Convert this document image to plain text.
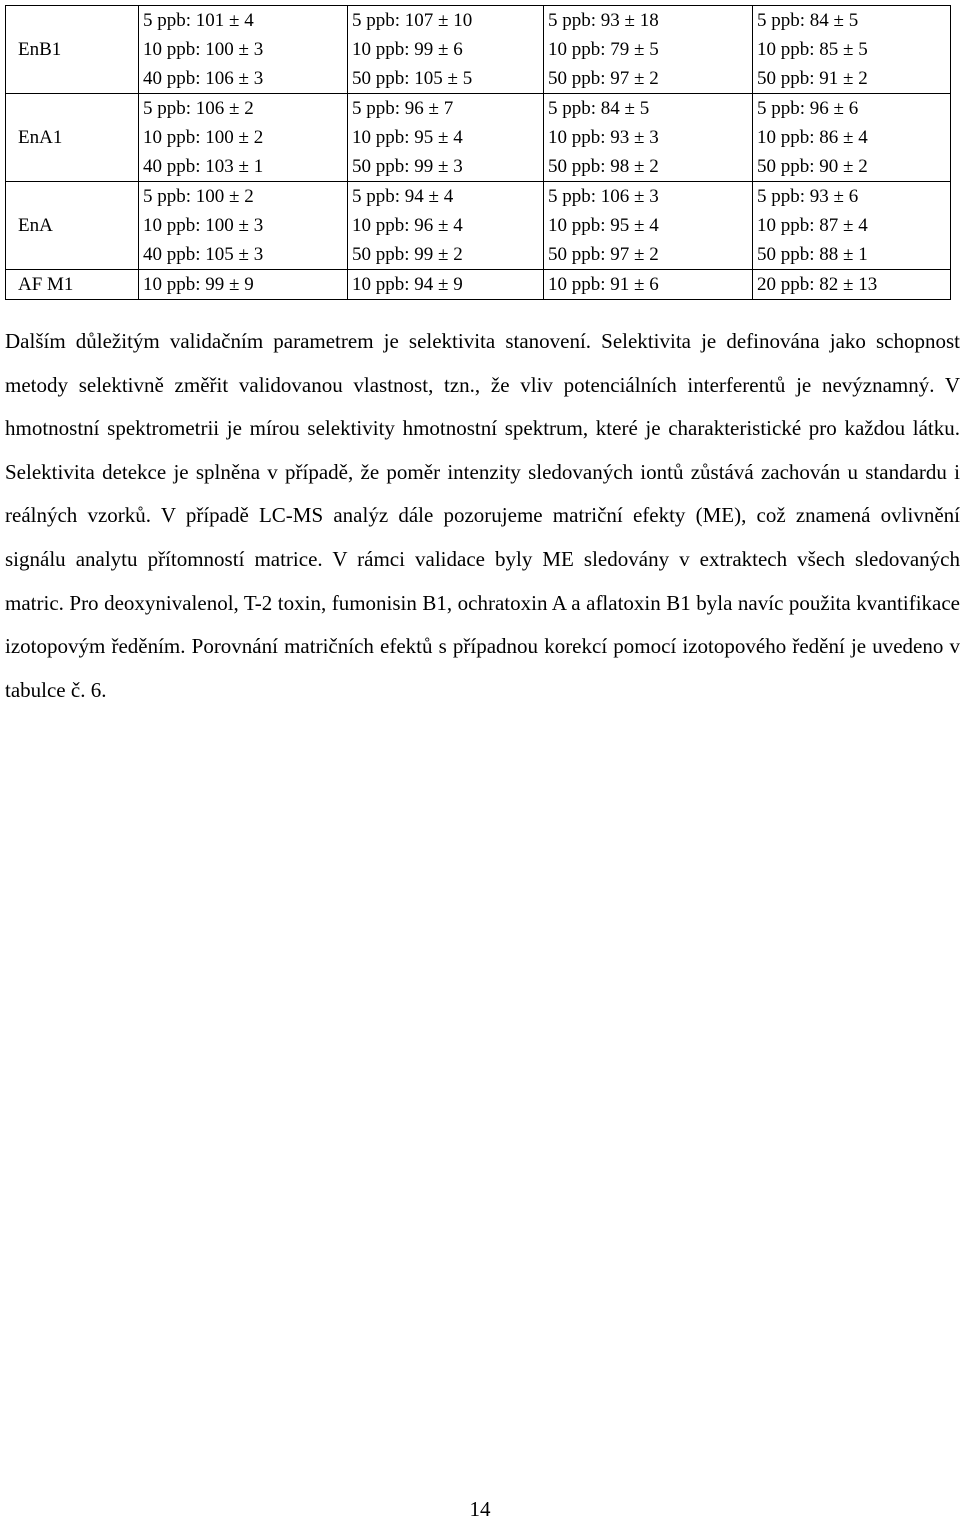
EnB1	5 ppb: 101 ± 4	5 ppb: 107 ± 10	5 ppb: 93 ± 18	5 ppb: 84 ± 5
	10 ppb: 100 ± 3	10 ppb: 99 ± 6	10 ppb: 79 ± 5	10 ppb: 85 ± 5
	40 ppb: 106 ± 3	50 ppb: 105 ± 5	50 ppb: 97 ± 2	50 ppb: 91 ± 2
EnA1	5 ppb: 106 ± 2	5 ppb: 96 ± 7	5 ppb: 84 ± 5	5 ppb: 96 ± 6
	10 ppb: 100 ± 2	10 ppb: 95 ± 4	10 ppb: 93 ± 3	10 ppb: 86 ± 4
	40 ppb: 103 ± 1	50 ppb: 99 ± 3	50 ppb: 98 ± 2	50 ppb: 90 ± 2
EnA	5 ppb: 100 ± 2	5 ppb: 94 ± 4	5 ppb: 106 ± 3	5 ppb: 93 ± 6
	10 ppb: 100 ± 3	10 ppb: 96 ± 4	10 ppb: 95 ± 4	10 ppb: 87 ± 4
	40 ppb: 105 ± 3	50 ppb: 99 ± 2	50 ppb: 97 ± 2	50 ppb: 88 ± 1
AF M1	10 ppb: 99 ± 9	10 ppb: 94 ± 9	10 ppb: 91 ± 6	20 ppb: 82 ± 13

Dalším důležitým validačním parametrem je selektivita stanovení. Selektivita je definována jako schopnost metody selektivně změřit validovanou vlastnost, tzn., že vliv potenciálních interferentů je nevýznamný. V hmotnostní spektrometrii je mírou selektivity hmotnostní spektrum, které je charakteristické pro každou látku. Selektivita detekce je splněna v případě, že poměr intenzity sledovaných iontů zůstává zachován u standardu i reálných vzorků. V případě LC-MS analýz dále pozorujeme matriční efekty (ME), což znamená ovlivnění signálu analytu přítomností matrice. V rámci validace byly ME sledovány v extraktech všech sledovaných matric. Pro deoxynivalenol, T-2 toxin, fumonisin B1, ochratoxin A a aflatoxin B1 byla navíc použita kvantifikace izotopovým ředěním. Porovnání matričních efektů s případnou korekcí pomocí izotopového ředění je uvedeno v tabulce č. 6.

14
